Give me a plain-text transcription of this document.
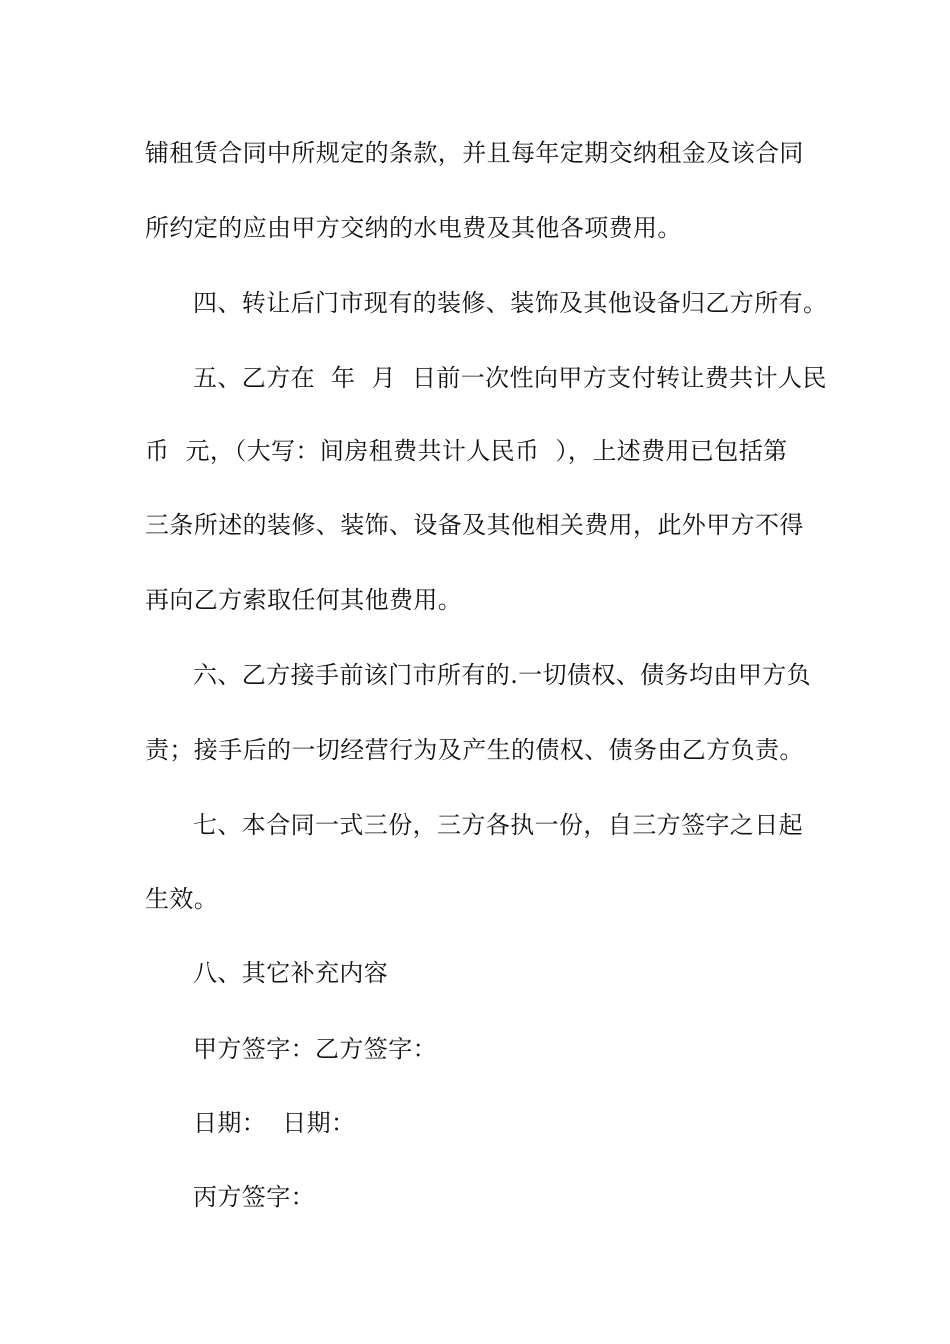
铺租赁合同中所规定的条款，并且每年定期交纳租金及该合同
所约定的应由甲方交纳的水电费及其他各项费用。
四、转让后门市现有的装修、装饰及其他设备归乙方所有。
五、乙方在  年  月  日前一次性向甲方支付转让费共计人民
币  元，（大写：间房租费共计人民币  ），上述费用已包括第
三条所述的装修、装饰、设备及其他相关费用，此外甲方不得
再向乙方索取任何其他费用。
六、乙方接手前该门市所有的.一切债权、债务均由甲方负
责；接手后的一切经营行为及产生的债权、债务由乙方负责。
七、本合同一式三份，三方各执一份，自三方签字之日起
生效。
八、其它补充内容
甲方签字：乙方签字：
日期：  日期：
丙方签字：
